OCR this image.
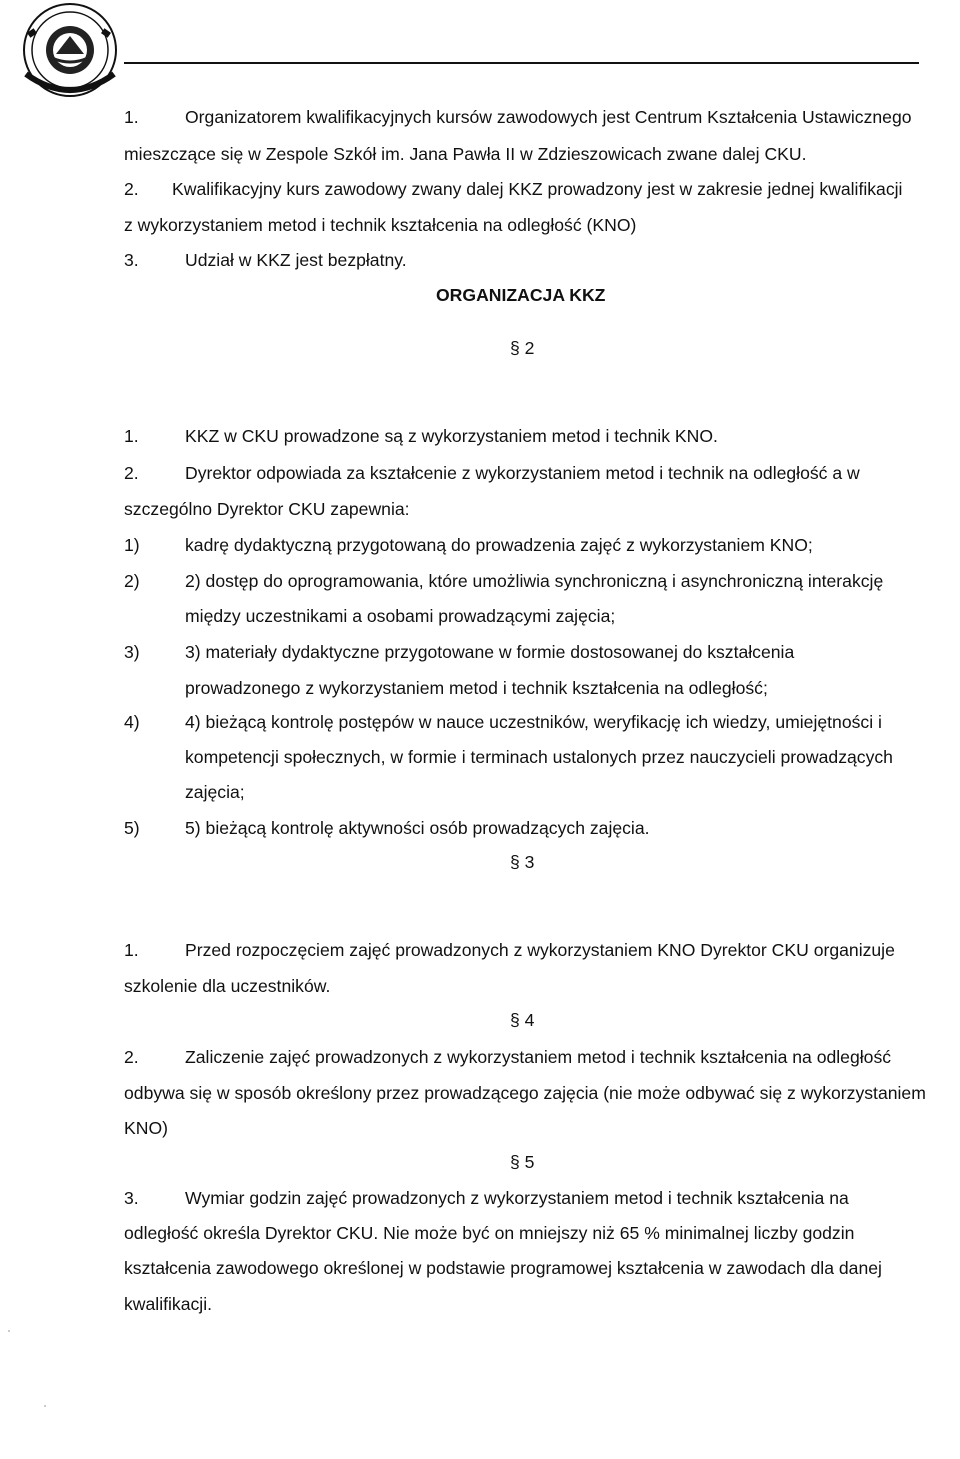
1.	Organizatorem kwalifikacyjnych kursów zawodowych jest Centrum Kształcenia Ustawicznego
mieszczące się w Zespole Szkół im. Jana Pawła II w Zdzieszowicach zwane dalej CKU.
2. Kwalifikacyjny kurs zawodowy zwany dalej KKZ prowadzony jest w zakresie jednej kwalifikacji
z wykorzystaniem metod i technik kształcenia na odległość (KNO)
3.	Udział w KKZ jest bezpłatny.
ORGANIZACJA KKZ
§ 2
1.	KKZ w CKU prowadzone są z wykorzystaniem metod i technik KNO.
2.	Dyrektor odpowiada za kształcenie z wykorzystaniem metod i technik na odległość a w
szczególno Dyrektor CKU zapewnia:
1)	kadrę dydaktyczną przygotowaną do prowadzenia zajęć z wykorzystaniem KNO;
2)	2) dostęp do oprogramowania, które umożliwia synchroniczną i asynchroniczną interakcję
między uczestnikami a osobami prowadzącymi zajęcia;
3)	3) materiały dydaktyczne przygotowane w formie dostosowanej do kształcenia
prowadzonego z wykorzystaniem metod i technik kształcenia na odległość;
4)	4) bieżącą kontrolę postępów w nauce uczestników, weryfikację ich wiedzy, umiejętności i
kompetencji społecznych, w formie i terminach ustalonych przez nauczycieli prowadzących
zajęcia;
5)	5) bieżącą kontrolę aktywności osób prowadzących zajęcia.
§ 3
1.	Przed rozpoczęciem zajęć prowadzonych z wykorzystaniem KNO Dyrektor CKU organizuje
szkolenie dla uczestników.
§ 4
2.	Zaliczenie zajęć prowadzonych z wykorzystaniem metod i technik kształcenia na odległość
odbywa się w sposób określony przez prowadzącego zajęcia (nie może odbywać się z wykorzystaniem
KNO)
§ 5
3.	Wymiar godzin zajęć prowadzonych z wykorzystaniem metod i technik kształcenia na
odległość określa Dyrektor CKU. Nie może być on mniejszy niż 65 % minimalnej liczby godzin
kształcenia zawodowego określonej w podstawie programowej kształcenia w zawodach dla danej
kwalifikacji.
